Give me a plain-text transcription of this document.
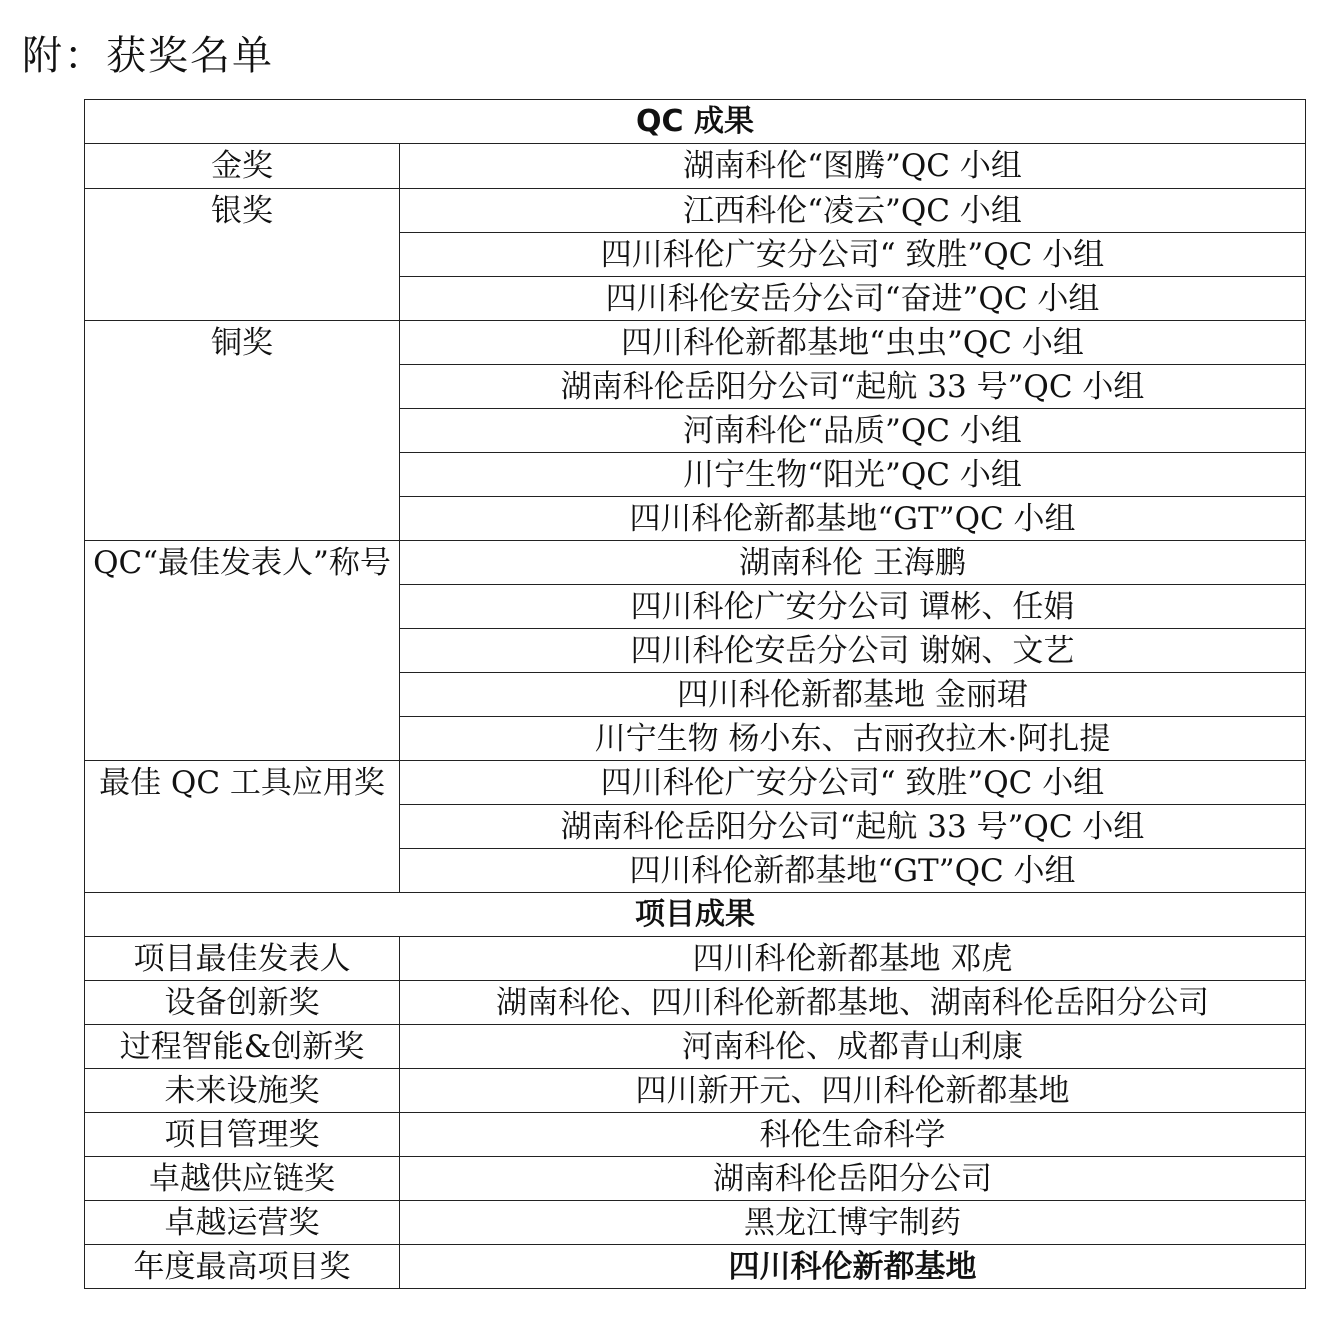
附：获奖名单
QC 成果	
金奖	湖南科伦“图腾”QC 小组
银奖	江西科伦“凌云”QC 小组
	四川科伦广安分公司“ 致胜”QC 小组
	四川科伦安岳分公司“奋进”QC 小组
铜奖	四川科伦新都基地“虫虫”QC 小组
	湖南科伦岳阳分公司“起航 33 号”QC 小组
	河南科伦“品质”QC 小组
	川宁生物“阳光”QC 小组
	四川科伦新都基地“GT”QC 小组
QC“最佳发表人”称号	湖南科伦 王海鹏
	四川科伦广安分公司 谭彬、任娟
	四川科伦安岳分公司 谢娴、文艺
	四川科伦新都基地 金丽珺
	川宁生物 杨小东、古丽孜拉木·阿扎提
最佳 QC 工具应用奖	四川科伦广安分公司“ 致胜”QC 小组
	湖南科伦岳阳分公司“起航 33 号”QC 小组
	四川科伦新都基地“GT”QC 小组
项目成果	
项目最佳发表人	四川科伦新都基地 邓虎
设备创新奖	湖南科伦、四川科伦新都基地、湖南科伦岳阳分公司
过程智能&创新奖	河南科伦、成都青山利康
未来设施奖	四川新开元、四川科伦新都基地
项目管理奖	科伦生命科学
卓越供应链奖	湖南科伦岳阳分公司
卓越运营奖	黑龙江博宇制药
年度最高项目奖	四川科伦新都基地
